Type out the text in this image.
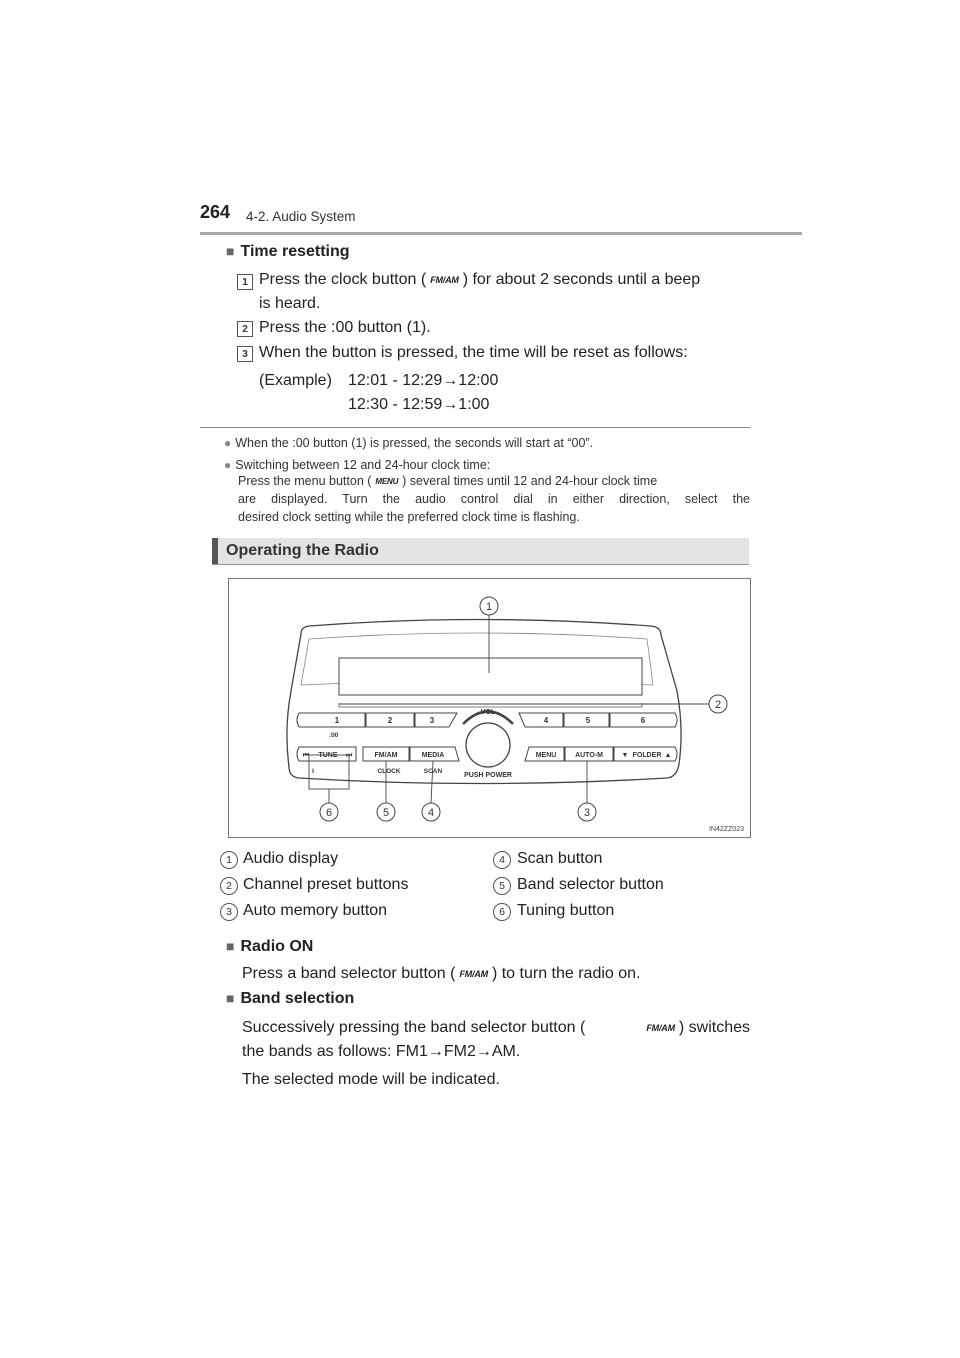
264 4-2. Audio System
■ Time resetting
1 Press the clock button ( FM/AM ) for about 2 seconds until a beep
is heard.
2 Press the :00 button (1).
3 When the button is pressed, the time will be reset as follows:
(Example) 12:01 - 12:29→12:00
12:30 - 12:59→1:00
● When the :00 button (1) is pressed, the seconds will start at “00”.
● Switching between 12 and 24-hour clock time:
Press the menu button ( MENU ) several times until 12 and 24-hour clock time
are displayed. Turn the audio control dial in either direction, select the
desired clock setting while the preferred clock time is flashing.
Operating the Radio
1	2	3	4	5	6
:00
VOL
PUSH POWER
⏮ TUNE ⏭	FM/AM	MEDIA	MENU	AUTO-M	▼ FOLDER ▲
I	I	CLOCK	SCAN
1
2
3
4
5
6
IN42ZZ023
1 Audio display
2 Channel preset buttons
3 Auto memory button
4 Scan button
5 Band selector button
6 Tuning button
■ Radio ON
Press a band selector button ( FM/AM ) to turn the radio on.
■ Band selection
Successively pressing the band selector button (	FM/AM ) switches
the bands as follows: FM1→FM2→AM.
The selected mode will be indicated.
